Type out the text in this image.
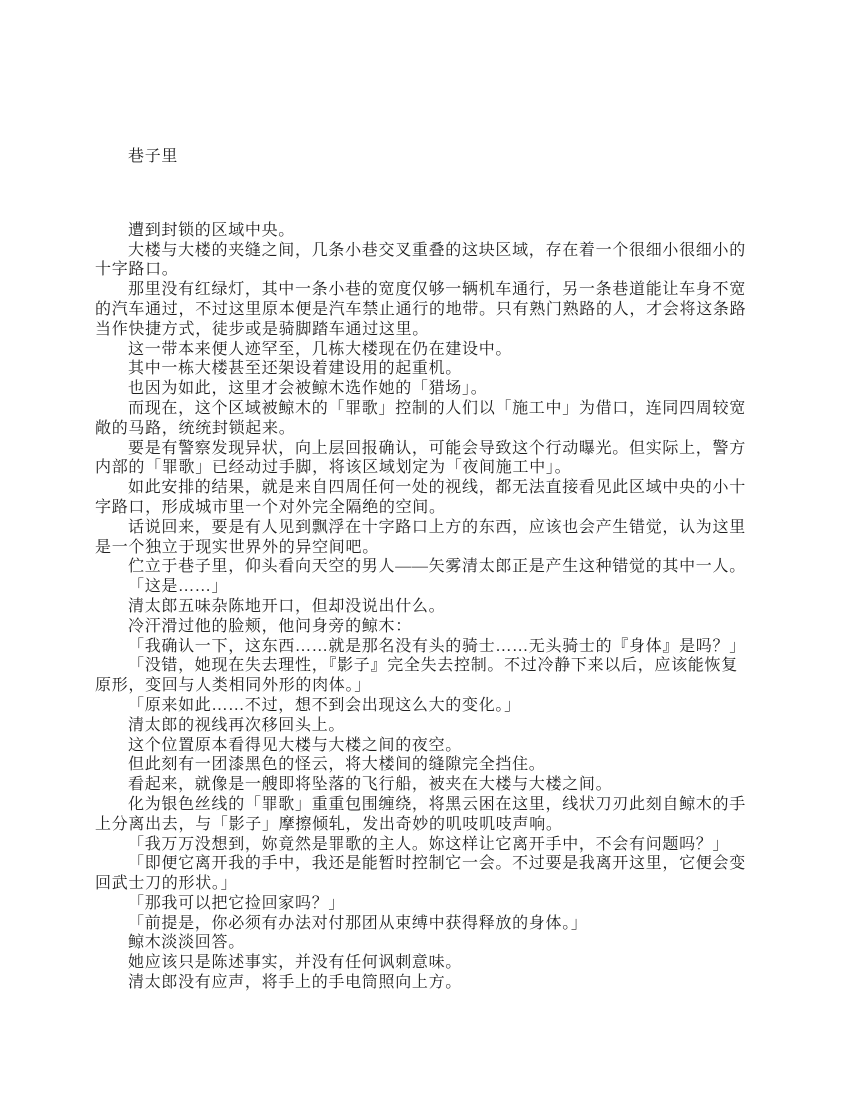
巷子里
遭到封锁的区域中央。
大楼与大楼的夹缝之间，几条小巷交叉重叠的这块区域，存在着一个很细小很细小的
十字路口。
那里没有红绿灯，其中一条小巷的宽度仅够一辆机车通行，另一条巷道能让车身不宽
的汽车通过，不过这里原本便是汽车禁止通行的地带。只有熟门熟路的人，才会将这条路
当作快捷方式，徒步或是骑脚踏车通过这里。
这一带本来便人迹罕至，几栋大楼现在仍在建设中。
其中一栋大楼甚至还架设着建设用的起重机。
也因为如此，这里才会被鲸木选作她的「猎场」。
而现在，这个区域被鲸木的「罪歌」控制的人们以「施工中」为借口，连同四周较宽
敞的马路，统统封锁起来。
要是有警察发现异状，向上层回报确认，可能会导致这个行动曝光。但实际上，警方
内部的「罪歌」已经动过手脚，将该区域划定为「夜间施工中」。
如此安排的结果，就是来自四周任何一处的视线，都无法直接看见此区域中央的小十
字路口，形成城市里一个对外完全隔绝的空间。
话说回来，要是有人见到飘浮在十字路口上方的东西，应该也会产生错觉，认为这里
是一个独立于现实世界外的异空间吧。
伫立于巷子里，仰头看向天空的男人——矢雾清太郎正是产生这种错觉的其中一人。
「这是……」
清太郎五味杂陈地开口，但却没说出什么。
冷汗滑过他的脸颊，他问身旁的鲸木：
「我确认一下，这东西……就是那名没有头的骑士……无头骑士的『身体』是吗？」
「没错，她现在失去理性，『影子』完全失去控制。不过冷静下来以后，应该能恢复
原形，变回与人类相同外形的肉体。」
「原来如此……不过，想不到会出现这么大的变化。」
清太郎的视线再次移回头上。
这个位置原本看得见大楼与大楼之间的夜空。
但此刻有一团漆黑色的怪云，将大楼间的缝隙完全挡住。
看起来，就像是一艘即将坠落的飞行船，被夹在大楼与大楼之间。
化为银色丝线的「罪歌」重重包围缠绕，将黑云困在这里，线状刀刃此刻自鲸木的手
上分离出去，与「影子」摩擦倾轧，发出奇妙的叽吱叽吱声响。
「我万万没想到，妳竟然是罪歌的主人。妳这样让它离开手中，不会有问题吗？」
「即便它离开我的手中，我还是能暂时控制它一会。不过要是我离开这里，它便会变
回武士刀的形状。」
「那我可以把它捡回家吗？」
「前提是，你必须有办法对付那团从束缚中获得释放的身体。」
鲸木淡淡回答。
她应该只是陈述事实，并没有任何讽刺意味。
清太郎没有应声，将手上的手电筒照向上方。
